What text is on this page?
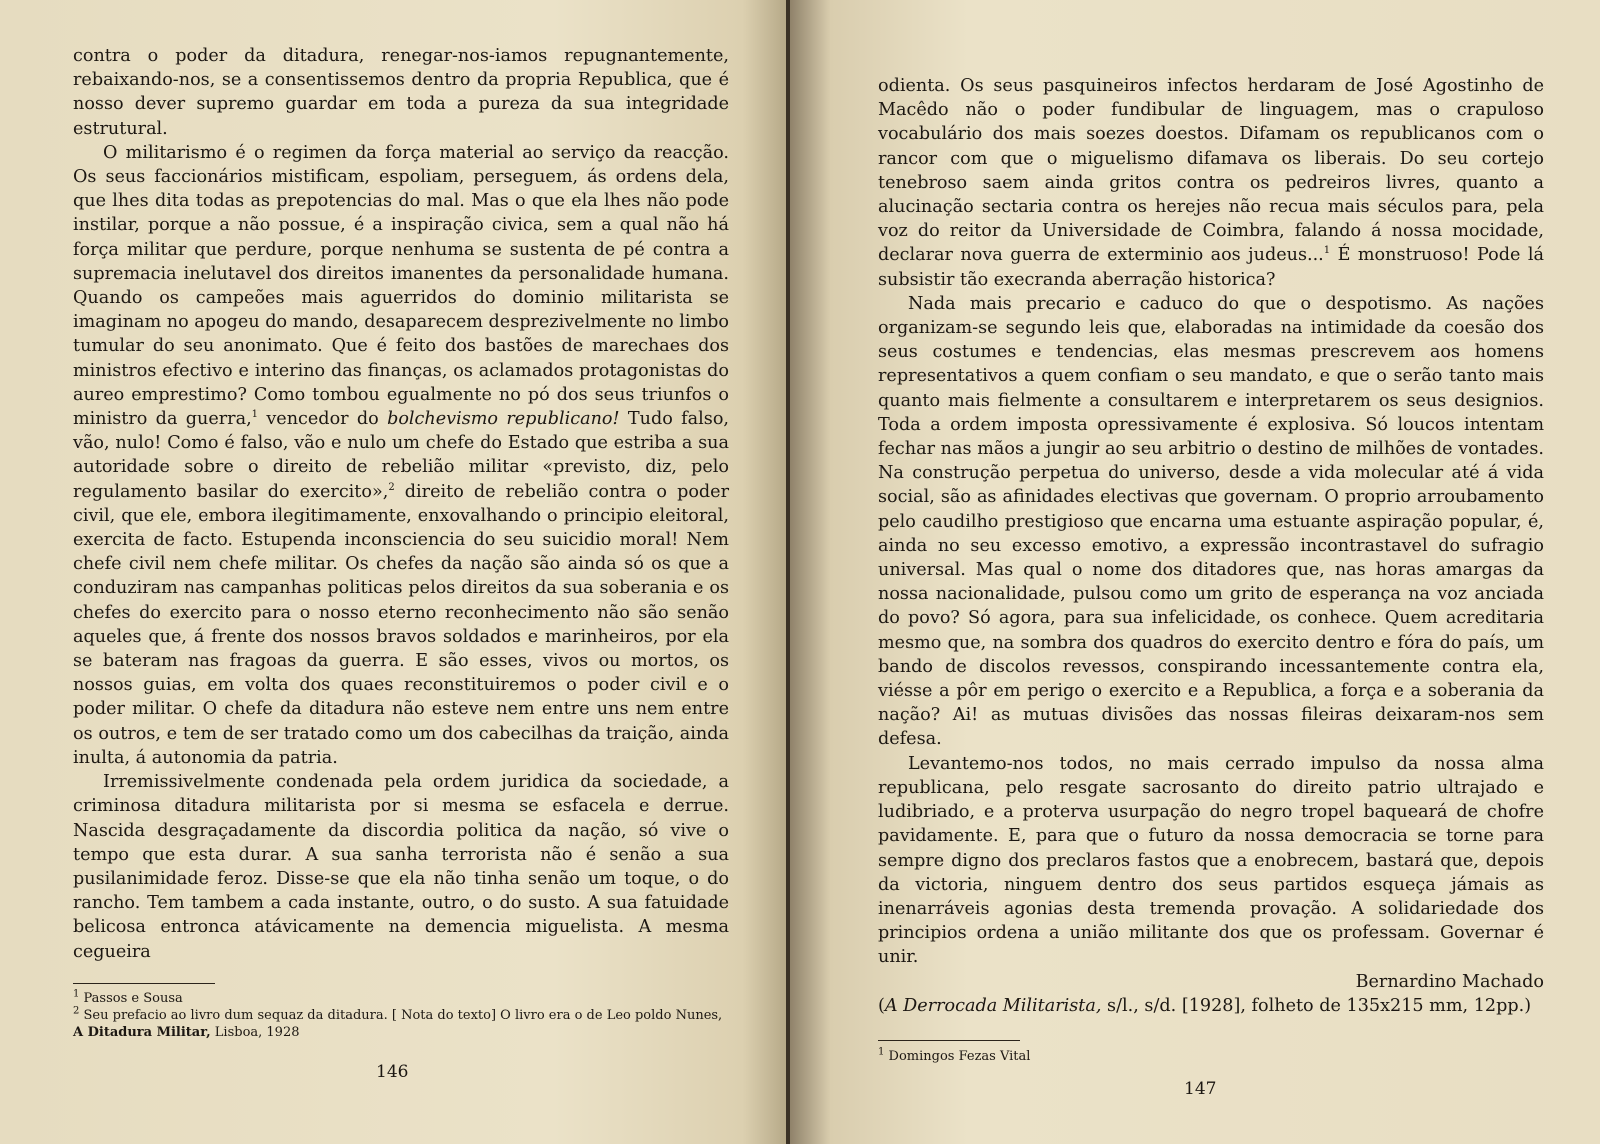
contra o poder da ditadura, renegar-nos-iamos repugnantemente, rebaixando-nos, se a consentissemos dentro da propria Republica, que é nosso dever supremo guardar em toda a pureza da sua integridade estrutural.

O militarismo é o regimen da força material ao serviço da reacção. Os seus faccionários mistificam, espoliam, perseguem, ás ordens dela, que lhes dita todas as prepotencias do mal. Mas o que ela lhes não pode instilar, porque a não possue, é a inspiração civica, sem a qual não há força militar que perdure, porque nenhuma se sustenta de pé contra a supremacia inelutavel dos direitos imanentes da personalidade humana. Quando os campeões mais aguerridos do dominio militarista se imaginam no apogeu do mando, desaparecem desprezivelmente no limbo tumular do seu anonimato. Que é feito dos bastões de marechaes dos ministros efectivo e interino das finanças, os aclamados protagonistas do aureo emprestimo? Como tombou egualmente no pó dos seus triunfos o ministro da guerra,$^1$ vencedor do bolchevismo republicano! Tudo falso, vão, nulo! Como é falso, vão e nulo um chefe do Estado que estriba a sua autoridade sobre o direito de rebelião militar «previsto, diz, pelo regulamento basilar do exercito»,$^2$ direito de rebelião contra o poder civil, que ele, embora ilegitimamente, enxovalhando o principio eleitoral, exercita de facto. Estupenda inconsciencia do seu suicidio moral! Nem chefe civil nem chefe militar. Os chefes da nação são ainda só os que a conduziram nas campanhas politicas pelos direitos da sua soberania e os chefes do exercito para o nosso eterno reconhecimento não são senão aqueles que, á frente dos nossos bravos soldados e marinheiros, por ela se bateram nas fragoas da guerra. E são esses, vivos ou mortos, os nossos guias, em volta dos quaes reconstituiremos o poder civil e o poder militar. O chefe da ditadura não esteve nem entre uns nem entre os outros, e tem de ser tratado como um dos cabecilhas da traição, ainda inulta, á autonomia da patria.

Irremissivelmente condenada pela ordem juridica da sociedade, a criminosa ditadura militarista por si mesma se esfacela e derrue. Nascida desgraçadamente da discordia politica da nação, só vive o tempo que esta durar. A sua sanha terrorista não é senão a sua pusilanimidade feroz. Disse-se que ela não tinha senão um toque, o do rancho. Tem tambem a cada instante, outro, o do susto. A sua fatuidade belicosa entronca atávicamente na demencia miguelista. A mesma cegueira

$^1$ Passos e Sousa

$^2$ Seu prefacio ao livro dum sequaz da ditadura. [ Nota do texto] O livro era o de Leo poldo Nunes, A Ditadura Militar, Lisboa, 1928

146

odienta. Os seus pasquineiros infectos herdaram de José Agostinho de Macêdo não o poder fundibular de linguagem, mas o crapuloso vocabulário dos mais soezes doestos. Difamam os republicanos com o rancor com que o miguelismo difamava os liberais. Do seu cortejo tenebroso saem ainda gritos contra os pedreiros livres, quanto a alucinação sectaria contra os herejes não recua mais séculos para, pela voz do reitor da Universidade de Coimbra, falando á nossa mocidade, declarar nova guerra de exterminio aos judeus...$^1$ É monstruoso! Pode lá subsistir tão execranda aberração historica?

Nada mais precario e caduco do que o despotismo. As nações organizam-se segundo leis que, elaboradas na intimidade da coesão dos seus costumes e tendencias, elas mesmas prescrevem aos homens representativos a quem confiam o seu mandato, e que o serão tanto mais quanto mais fielmente a consultarem e interpretarem os seus designios. Toda a ordem imposta opressivamente é explosiva. Só loucos intentam fechar nas mãos a jungir ao seu arbitrio o destino de milhões de vontades. Na construção perpetua do universo, desde a vida molecular até á vida social, são as afinidades electivas que governam. O proprio arroubamento pelo caudilho prestigioso que encarna uma estuante aspiração popular, é, ainda no seu excesso emotivo, a expressão incontrastavel do sufragio universal. Mas qual o nome dos ditadores que, nas horas amargas da nossa nacionalidade, pulsou como um grito de esperança na voz anciada do povo? Só agora, para sua infelicidade, os conhece. Quem acreditaria mesmo que, na sombra dos quadros do exercito dentro e fóra do país, um bando de discolos revessos, conspirando incessantemente contra ela, viésse a pôr em perigo o exercito e a Republica, a força e a soberania da nação? Ai! as mutuas divisões das nossas fileiras deixaram-nos sem defesa.

Levantemo-nos todos, no mais cerrado impulso da nossa alma republicana, pelo resgate sacrosanto do direito patrio ultrajado e ludibriado, e a proterva usurpação do negro tropel baqueará de chofre pavidamente. E, para que o futuro da nossa democracia se torne para sempre digno dos preclaros fastos que a enobrecem, bastará que, depois da victoria, ninguem dentro dos seus partidos esqueça jámais as inenarráveis agonias desta tremenda provação. A solidariedade dos principios ordena a união militante dos que os professam. Governar é unir.

Bernardino Machado

(A Derrocada Militarista, s/l., s/d. [1928], folheto de 135x215 mm, 12pp.)

$^1$ Domingos Fezas Vital

147
